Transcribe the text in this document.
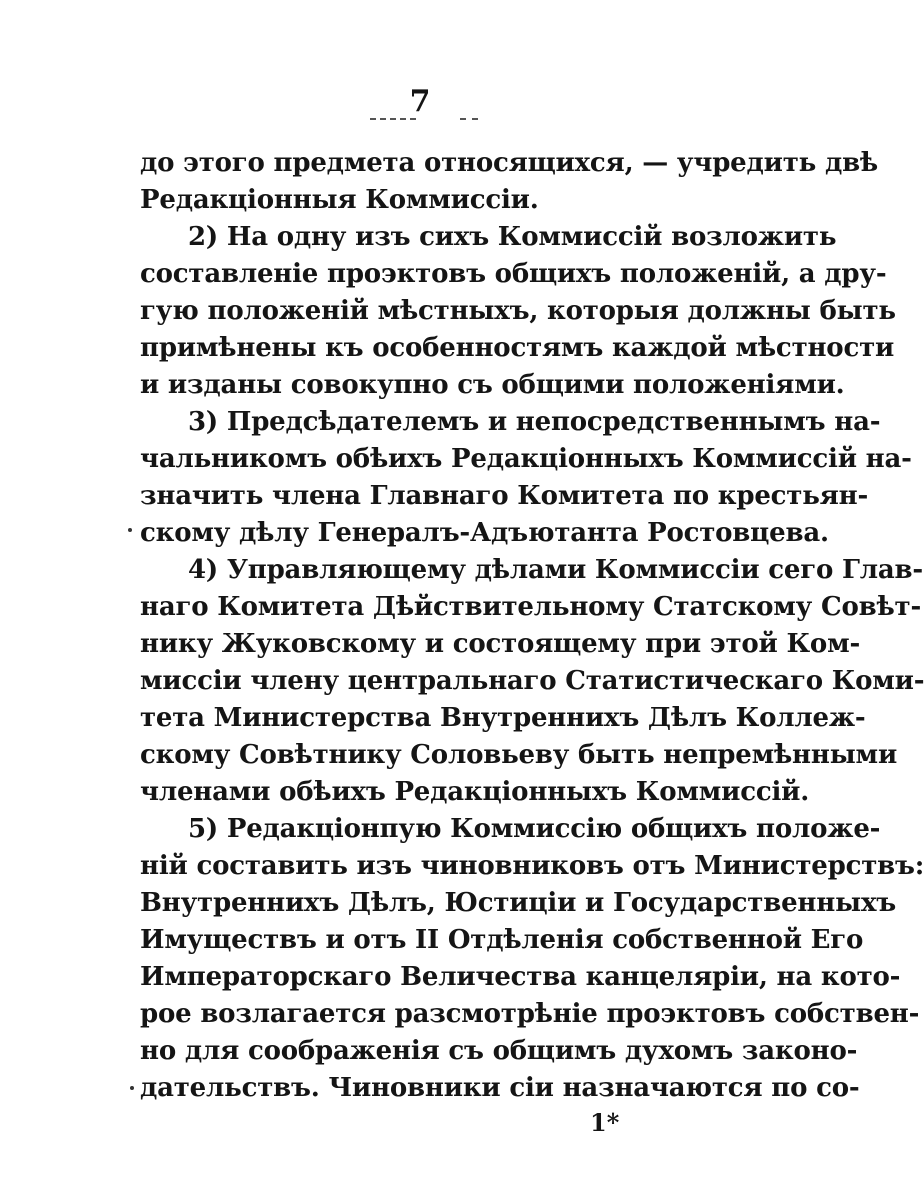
7
до этого предмета относящихся, — учредить двѣ
Редакціонныя Коммиссіи.
2) На одну изъ сихъ Коммиссій возложить
составленіе проэктовъ общихъ положеній, а дру-
гую положеній мѣстныхъ, которыя должны быть
примѣнены къ особенностямъ каждой мѣстности
и изданы совокупно съ общими положеніями.
3) Предсѣдателемъ и непосредственнымъ на-
чальникомъ обѣихъ Редакціонныхъ Коммиссій на-
значить члена Главнаго Комитета по крестьян-
скому дѣлу Генералъ-Адъютанта Ростовцева.
4) Управляющему дѣлами Коммиссіи сего Глав-
наго Комитета Дѣйствительному Статскому Совѣт-
нику Жуковскому и состоящему при этой Ком-
миссіи члену центральнаго Статистическаго Коми-
тета Министерства Внутреннихъ Дѣлъ Коллеж-
скому Совѣтнику Соловьеву быть непремѣнными
членами обѣихъ Редакціонныхъ Коммиссій.
5) Редакціонпую Коммиссію общихъ положе-
ній составить изъ чиновниковъ отъ Министерствъ:
Внутреннихъ Дѣлъ, Юстиціи и Государственныхъ
Имуществъ и отъ II Отдѣленія собственной Его
Императорскаго Величества канцеляріи, на кото-
рое возлагается разсмотрѣніе проэктовъ собствен-
но для соображенія съ общимъ духомъ законо-
дательствъ. Чиновники сіи назначаются по со-
1*
